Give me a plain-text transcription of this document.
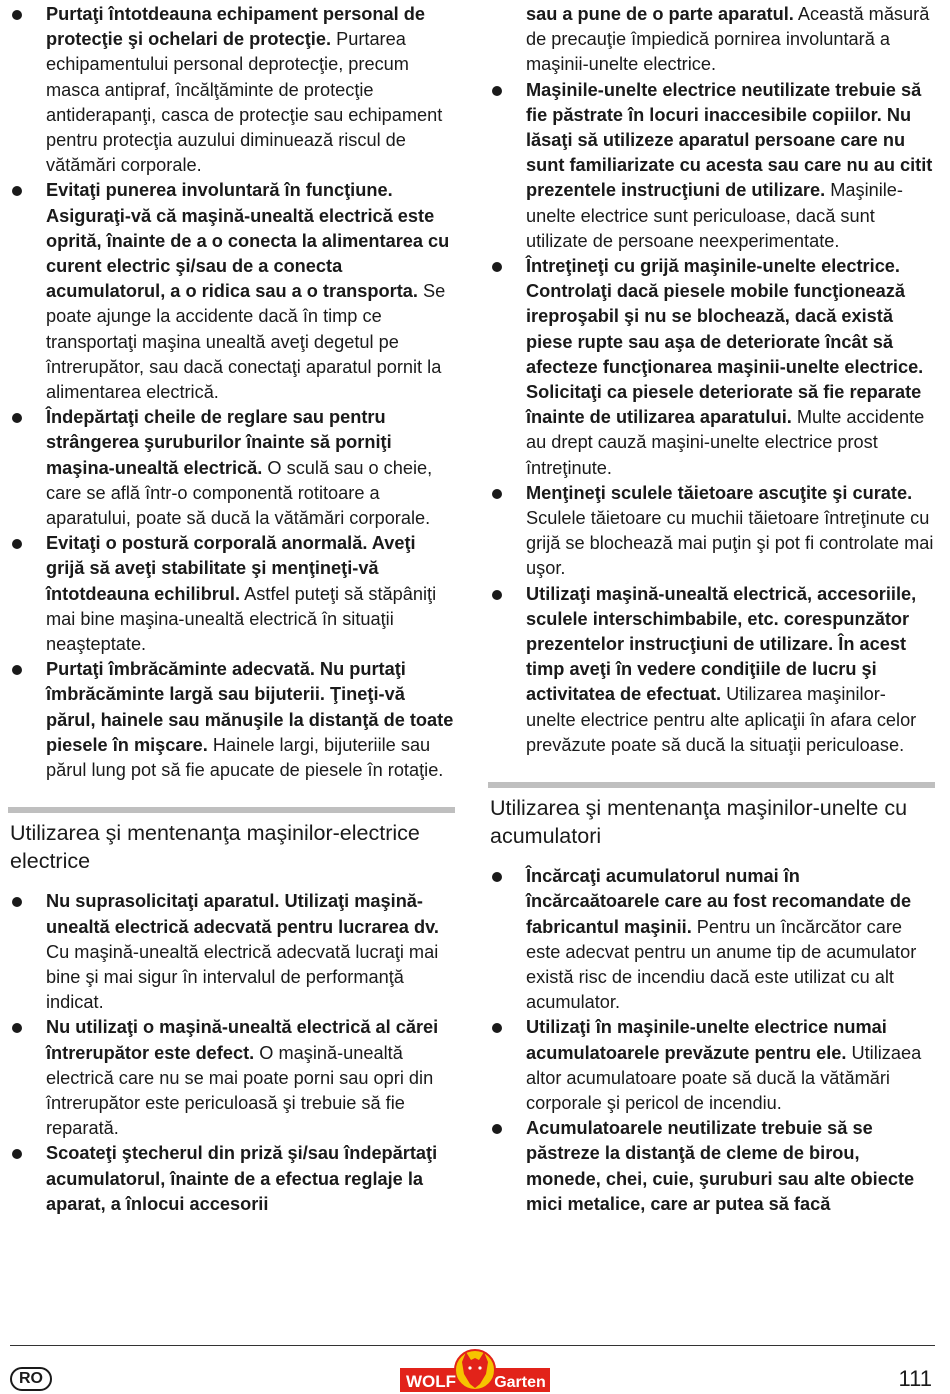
Purtaţi întotdeauna echipament personal de protecţie şi ochelari de protecţie. Purtarea echipamentului personal deprotecţie, precum masca antipraf, încălţăminte de protecţie antiderapanţi, casca de protecţie sau echipament pentru protecţia auzului diminuează riscul de vătămări corporale.
Evitaţi punerea involuntară în funcţiune. Asiguraţi-vă că maşină-unealtă electrică este oprită, înainte de a o conecta la alimentarea cu curent electric şi/sau de a conecta acumulatorul, a o ridica sau a o transporta. Se poate ajunge la accidente dacă în timp ce transportaţi maşina unealtă aveţi degetul pe întrerupător, sau dacă conectaţi aparatul pornit la alimentarea electrică.
Îndepărtaţi cheile de reglare sau pentru strângerea şuruburilor înainte să porniţi maşina-unealtă electrică. O sculă sau o cheie, care se află într-o componentă rotitoare a aparatului, poate să ducă la vătămări corporale.
Evitaţi o postură corporală anormală. Aveţi grijă să aveţi stabilitate şi menţineţi-vă întotdeauna echilibrul. Astfel puteţi să stăpâniţi mai bine maşina-unealtă electrică în situaţii neaşteptate.
Purtaţi îmbrăcăminte adecvată. Nu purtaţi îmbrăcăminte largă sau bijuterii. Ţineţi-vă părul, hainele sau mănuşile la distanţă de toate piesele în mişcare. Hainele largi, bijuteriile sau părul lung pot să fie apucate de piesele în rotaţie.
Utilizarea şi mentenanţa maşinilor-electrice electrice
Nu suprasolicitaţi aparatul. Utilizaţi maşină-unealtă electrică adecvată pentru lucrarea dv. Cu maşină-unealtă electrică adecvată lucraţi mai bine şi mai sigur în intervalul de performanţă indicat.
Nu utilizaţi o maşină-unealtă electrică al cărei întrerupător este defect. O maşină-unealtă electrică care nu se mai poate porni sau opri din întrerupător este periculoasă şi trebuie să fie reparată.
Scoateţi ştecherul din priză şi/sau îndepărtaţi acumulatorul, înainte de a efectua reglaje la aparat, a înlocui accesorii
sau a pune de o parte aparatul. Această măsură de precauţie împiedică pornirea involuntară a maşinii-unelte electrice.
Maşinile-unelte electrice neutilizate trebuie să fie păstrate în locuri inaccesibile copiilor. Nu lăsaţi să utilizeze aparatul persoane care nu sunt familiarizate cu acesta sau care nu au citit prezentele instrucţiuni de utilizare. Maşinile-unelte electrice sunt periculoase, dacă sunt utilizate de persoane neexperimentate.
Întreţineţi cu grijă maşinile-unelte electrice. Controlaţi dacă piesele mobile funcţionează ireproşabil şi nu se blochează, dacă există piese rupte sau aşa de deteriorate încât să afecteze funcţionarea maşinii-unelte electrice. Solicitaţi ca piesele deteriorate să fie reparate înainte de utilizarea aparatului. Multe accidente au drept cauză maşini-unelte electrice prost întreţinute.
Menţineţi sculele tăietoare ascuţite şi curate. Sculele tăietoare cu muchii tăietoare întreţinute cu grijă se blochează mai puţin şi pot fi controlate mai uşor.
Utilizaţi maşină-unealtă electrică, accesoriile, sculele interschimbabile, etc. corespunzător prezentelor instrucţiuni de utilizare. În acest timp aveţi în vedere condiţiile de lucru şi activitatea de efectuat. Utilizarea maşinilor-unelte electrice pentru alte aplicaţii în afara celor prevăzute poate să ducă la situaţii periculoase.
Utilizarea şi mentenanţa maşinilor-unelte cu acumulatori
Încărcaţi acumulatorul numai în încărcaătoarele care au fost recomandate de fabricantul maşinii. Pentru un încărcător care este adecvat pentru un anume tip de acumulator există risc de incendiu dacă este utilizat cu alt acumulator.
Utilizaţi în maşinile-unelte electrice numai acumulatoarele prevăzute pentru ele. Utilizaea altor acumulatoare poate să ducă la vătămări corporale şi pericol de incendiu.
Acumulatoarele neutilizate trebuie să se păstreze la distanţă de cleme de birou, monede, chei, cuie, şuruburi sau alte obiecte mici metalice, care ar putea să facă
RO	WOLF Garten	111
